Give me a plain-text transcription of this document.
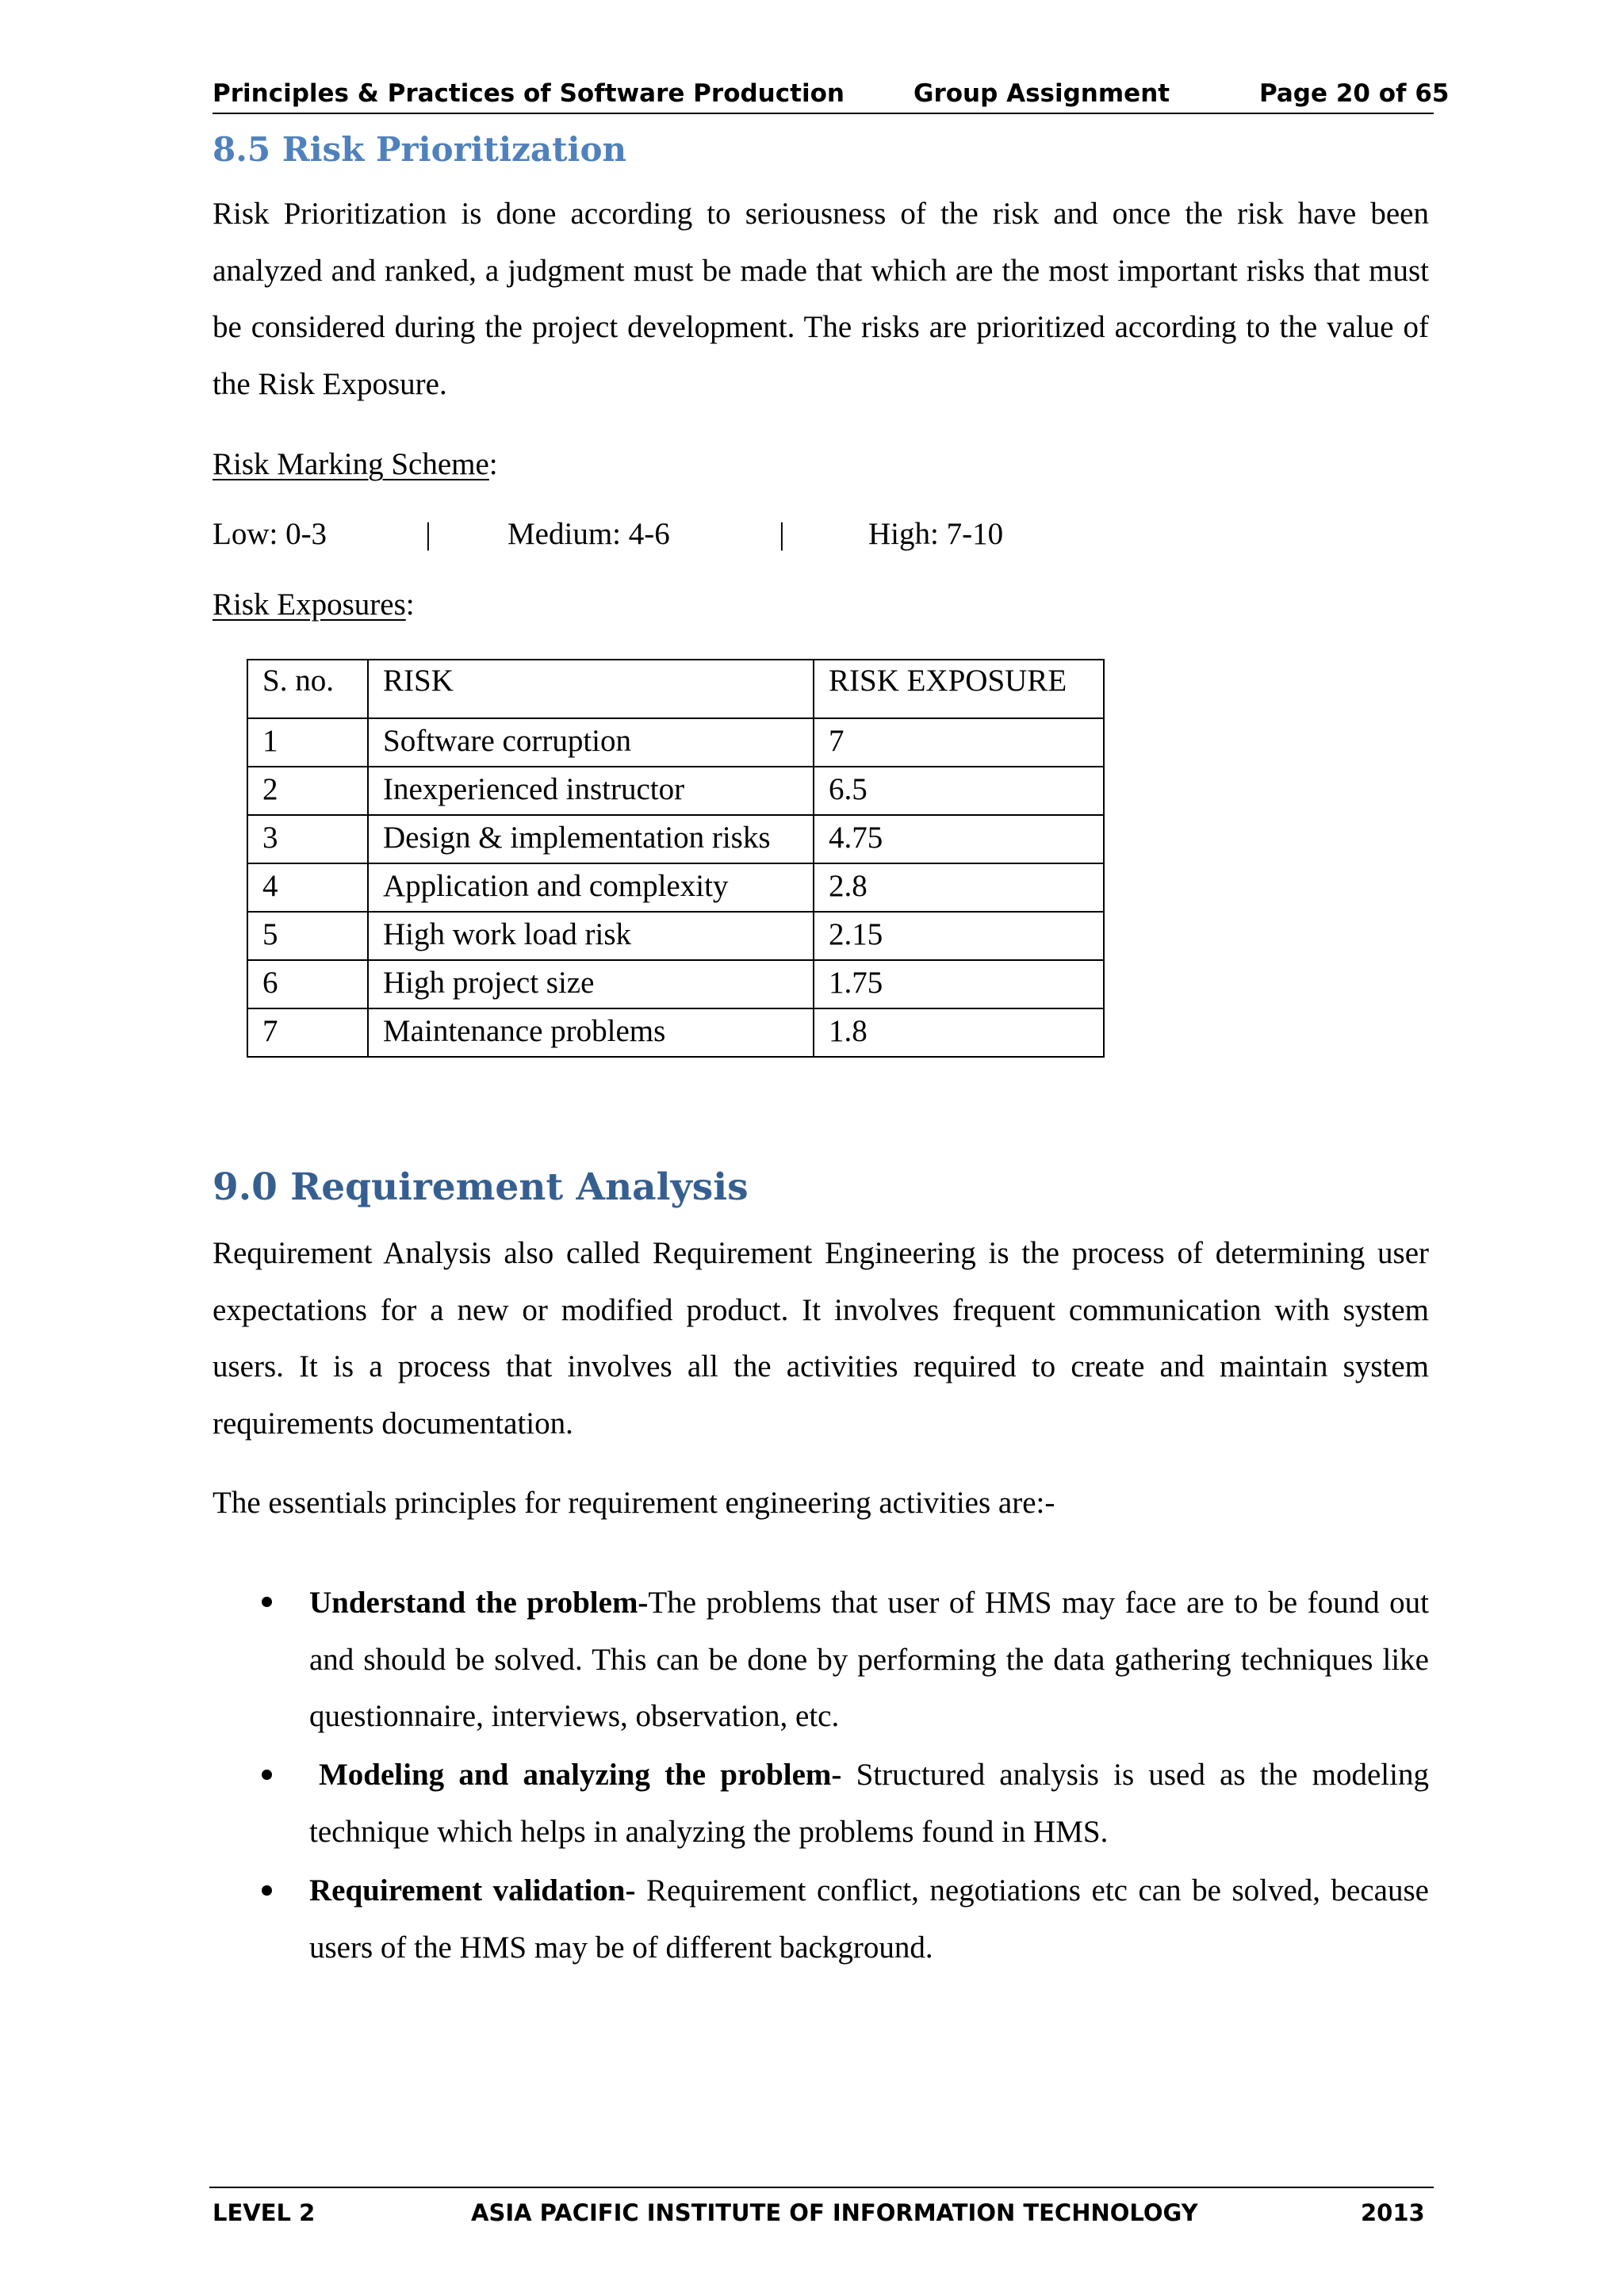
Principles & Practices of Software Production	Group Assignment	Page 20 of 65
8.5 Risk Prioritization

Risk Prioritization is done according to seriousness of the risk and once the risk have been analyzed and ranked, a judgment must be made that which are the most important risks that must be considered during the project development. The risks are prioritized according to the value of the Risk Exposure.

Risk Marking Scheme:

Low: 0-3	| Medium: 4-6	|	High: 7-10

Risk Exposures:

S. no.	RISK	RISK EXPOSURE
1	Software corruption	7
2	Inexperienced instructor	6.5
3	Design & implementation risks	4.75
4	Application and complexity	2.8
5	High work load risk	2.15
6	High project size	1.75
7	Maintenance problems	1.8
9.0 Requirement Analysis

Requirement Analysis also called Requirement Engineering is the process of determining user expectations for a new or modified product. It involves frequent communication with system users. It is a process that involves all the activities required to create and maintain system requirements documentation.

The essentials principles for requirement engineering activities are:-

Understand the problem-The problems that user of HMS may face are to be found out and should be solved. This can be done by performing the data gathering techniques like questionnaire, interviews, observation, etc.

Modeling and analyzing the problem- Structured analysis is used as the modeling technique which helps in analyzing the problems found in HMS.

Requirement validation- Requirement conflict, negotiations etc can be solved, because users of the HMS may be of different background.

LEVEL 2	ASIA PACIFIC INSTITUTE OF INFORMATION TECHNOLOGY	2013
